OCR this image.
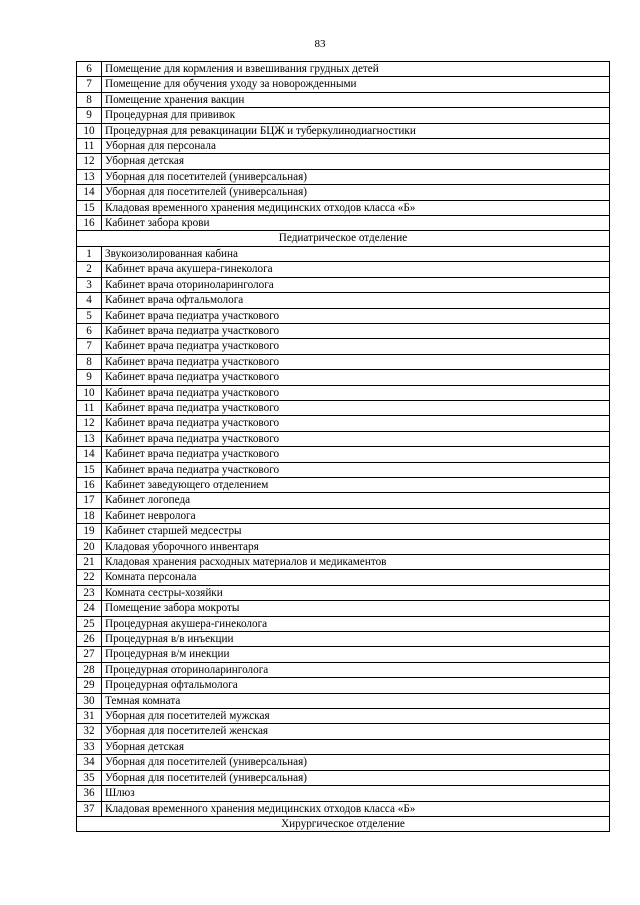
83
6	Помещение для кормления и взвешивания грудных детей
7	Помещение для обучения уходу за новорожденными
8	Помещение хранения вакцин
9	Процедурная для прививок
10	Процедурная для ревакцинации БЦЖ и туберкулинодиагностики
11	Уборная для персонала
12	Уборная детская
13	Уборная для посетителей (универсальная)
14	Уборная для посетителей (универсальная)
15	Кладовая временного хранения медицинских отходов класса «Б»
16	Кабинет забора крови
Педиатрическое отделение	
1	Звукоизолированная кабина
2	Кабинет врача акушера-гинеколога
3	Кабинет врача оториноларинголога
4	Кабинет врача офтальмолога
5	Кабинет врача педиатра участкового
6	Кабинет врача педиатра участкового
7	Кабинет врача педиатра участкового
8	Кабинет врача педиатра участкового
9	Кабинет врача педиатра участкового
10	Кабинет врача педиатра участкового
11	Кабинет врача педиатра участкового
12	Кабинет врача педиатра участкового
13	Кабинет врача педиатра участкового
14	Кабинет врача педиатра участкового
15	Кабинет врача педиатра участкового
16	Кабинет заведующего отделением
17	Кабинет логопеда
18	Кабинет невролога
19	Кабинет старшей медсестры
20	Кладовая уборочного инвентаря
21	Кладовая хранения расходных материалов и медикаментов
22	Комната персонала
23	Комната сестры-хозяйки
24	Помещение забора мокроты
25	Процедурная акушера-гинеколога
26	Процедурная в/в инъекции
27	Процедурная в/м инекции
28	Процедурная оториноларинголога
29	Процедурная офтальмолога
30	Темная комната
31	Уборная для посетителей мужская
32	Уборная для посетителей женская
33	Уборная детская
34	Уборная для посетителей (универсальная)
35	Уборная для посетителей (универсальная)
36	Шлюз
37	Кладовая временного хранения медицинских отходов класса «Б»
Хирургическое отделение	
